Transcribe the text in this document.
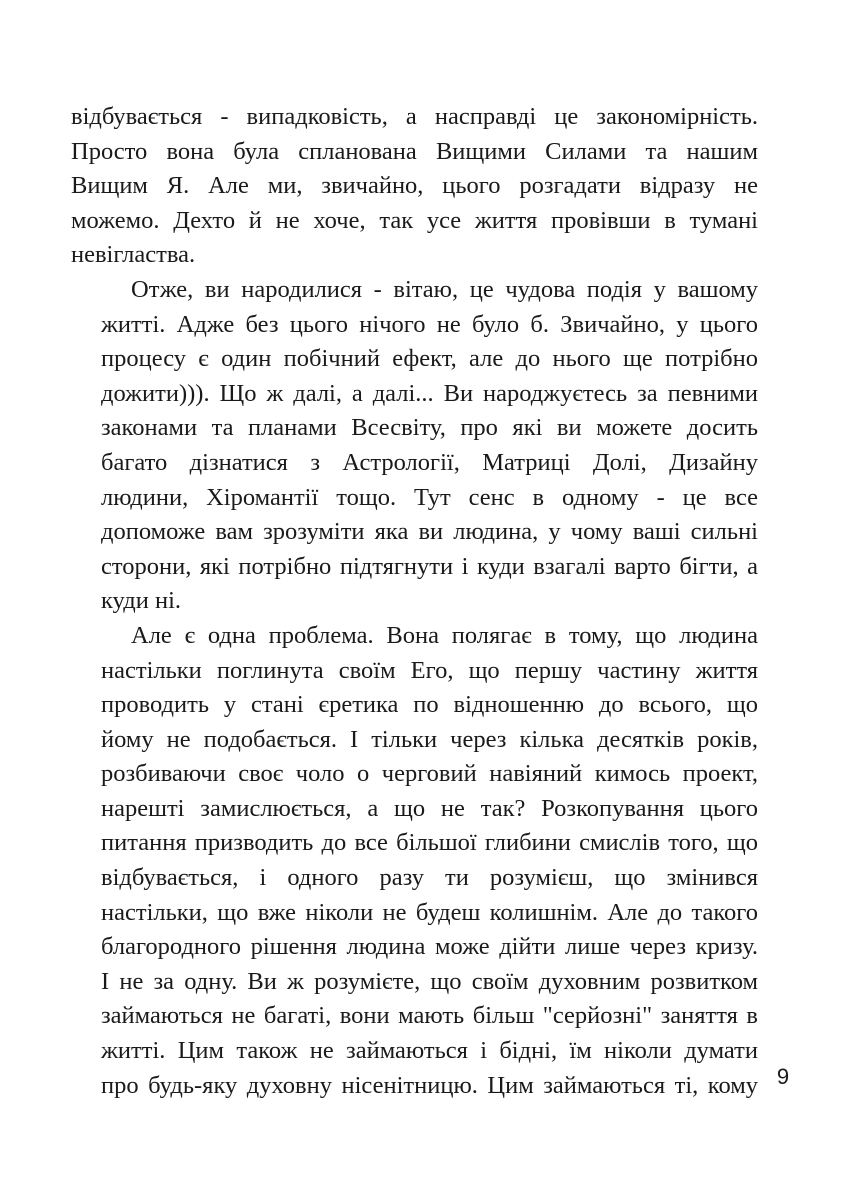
відбувається - випадковість, а насправді це закономірність.
Просто вона була спланована Вищими Силами та нашим
Вищим Я. Але ми, звичайно, цього розгадати відразу не
можемо. Дехто й не хоче, так усе життя провівши в тумані
невігластва.

Отже, ви народилися - вітаю, це чудова подія у вашому
житті. Адже без цього нічого не було б. Звичайно, у цього
процесу є один побічний ефект, але до нього ще потрібно
дожити))). Що ж далі, а далі... Ви народжуєтесь за певними
законами та планами Всесвіту, про які ви можете досить
багато дізнатися з Астрології, Матриці Долі, Дизайну
людини, Хіромантії тощо. Тут сенс в одному - це все
допоможе вам зрозуміти яка ви людина, у чому ваші сильні
сторони, які потрібно підтягнути і куди взагалі варто бігти, а
куди ні.

Але є одна проблема. Вона полягає в тому, що людина
настільки поглинута своїм Его, що першу частину життя
проводить у стані єретика по відношенню до всього, що
йому не подобається. І тільки через кілька десятків років,
розбиваючи своє чоло о черговий навіяний кимось проект,
нарешті замислюється, а що не так? Розкопування цього
питання призводить до все більшої глибини смислів того, що
відбувається, і одного разу ти розумієш, що змінився
настільки, що вже ніколи не будеш колишнім. Але до такого
благородного рішення людина може дійти лише через кризу.
І не за одну. Ви ж розумієте, що своїм духовним розвитком
займаються не багаті, вони мають більш "серйозні" заняття в
житті. Цим також не займаються і бідні, їм ніколи думати
про будь-яку духовну нісенітницю. Цим займаються ті, кому 9
